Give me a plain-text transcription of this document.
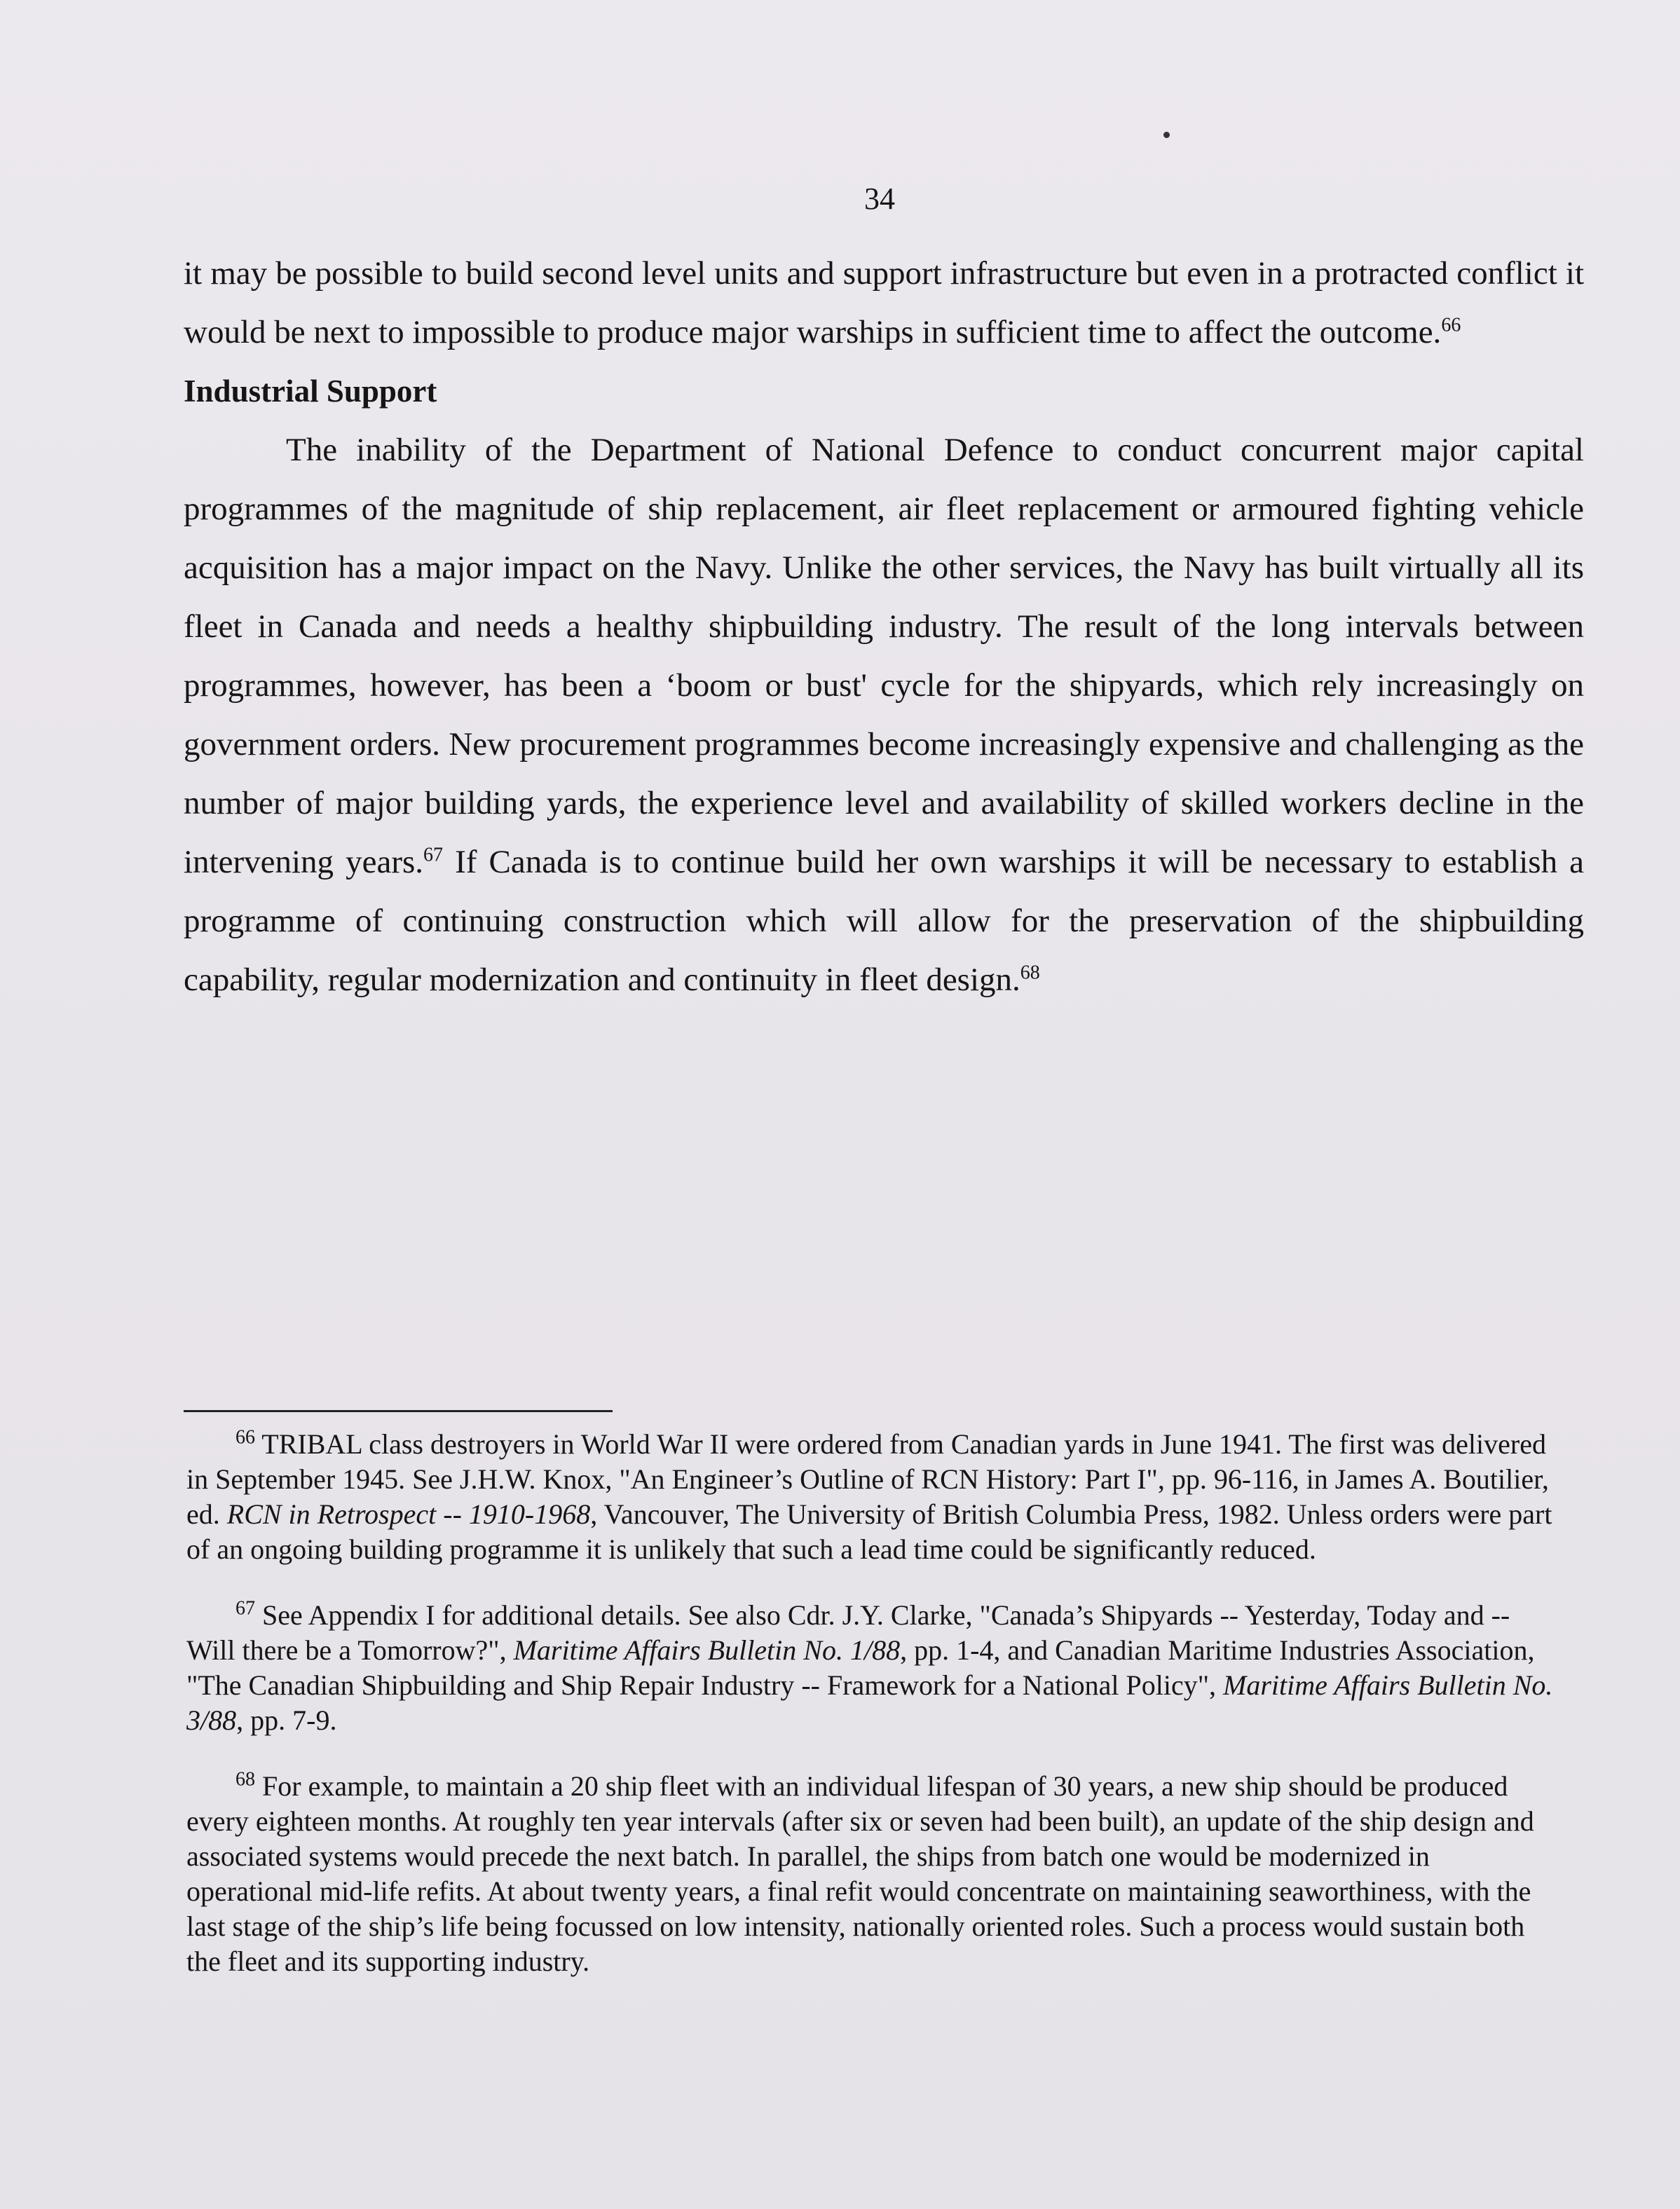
34

it may be possible to build second level units and support infrastructure but even in a protracted conflict it would be next to impossible to produce major warships in sufficient time to affect the outcome.$^{66}$

Industrial Support

The inability of the Department of National Defence to conduct concurrent major capital programmes of the magnitude of ship replacement, air fleet replacement or armoured fighting vehicle acquisition has a major impact on the Navy. Unlike the other services, the Navy has built virtually all its fleet in Canada and needs a healthy shipbuilding industry. The result of the long intervals between programmes, however, has been a ‘boom or bust' cycle for the shipyards, which rely increasingly on government orders. New procurement programmes become increasingly expensive and challenging as the number of major building yards, the experience level and availability of skilled workers decline in the intervening years.$^{67}$ If Canada is to continue build her own warships it will be necessary to establish a programme of continuing construction which will allow for the preservation of the shipbuilding capability, regular modernization and continuity in fleet design.$^{68}$

$^{66}$ TRIBAL class destroyers in World War II were ordered from Canadian yards in June 1941. The first was delivered in September 1945. See J.H.W. Knox, "An Engineer’s Outline of RCN History: Part I", pp. 96-116, in James A. Boutilier, ed. RCN in Retrospect -- 1910-1968, Vancouver, The University of British Columbia Press, 1982. Unless orders were part of an ongoing building programme it is unlikely that such a lead time could be significantly reduced.

$^{67}$ See Appendix I for additional details. See also Cdr. J.Y. Clarke, "Canada’s Shipyards -- Yesterday, Today and -- Will there be a Tomorrow?", Maritime Affairs Bulletin No. 1/88, pp. 1-4, and Canadian Maritime Industries Association, "The Canadian Shipbuilding and Ship Repair Industry -- Framework for a National Policy", Maritime Affairs Bulletin No. 3/88, pp. 7-9.

$^{68}$ For example, to maintain a 20 ship fleet with an individual lifespan of 30 years, a new ship should be produced every eighteen months. At roughly ten year intervals (after six or seven had been built), an update of the ship design and associated systems would precede the next batch. In parallel, the ships from batch one would be modernized in operational mid-life refits. At about twenty years, a final refit would concentrate on maintaining seaworthiness, with the last stage of the ship’s life being focussed on low intensity, nationally oriented roles. Such a process would sustain both the fleet and its supporting industry.
